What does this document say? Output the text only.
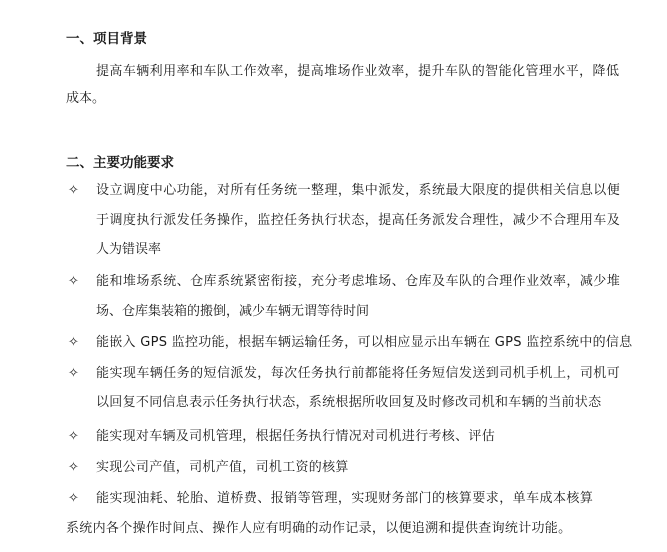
一、项目背景
提高车辆利用率和车队工作效率，提高堆场作业效率，提升车队的智能化管理水平，降低
成本。
二、主要功能要求
✧ 设立调度中心功能，对所有任务统一整理，集中派发，系统最大限度的提供相关信息以便
于调度执行派发任务操作，监控任务执行状态，提高任务派发合理性，减少不合理用车及
人为错误率
✧ 能和堆场系统、仓库系统紧密衔接，充分考虑堆场、仓库及车队的合理作业效率，减少堆
场、仓库集装箱的搬倒，减少车辆无谓等待时间
✧ 能嵌入 GPS 监控功能，根据车辆运输任务，可以相应显示出车辆在 GPS 监控系统中的信息
✧ 能实现车辆任务的短信派发，每次任务执行前都能将任务短信发送到司机手机上，司机可
以回复不同信息表示任务执行状态，系统根据所收回复及时修改司机和车辆的当前状态
✧ 能实现对车辆及司机管理，根据任务执行情况对司机进行考核、评估
✧ 实现公司产值，司机产值，司机工资的核算
✧ 能实现油耗、轮胎、道桥费、报销等管理，实现财务部门的核算要求，单车成本核算
系统内各个操作时间点、操作人应有明确的动作记录，以便追溯和提供查询统计功能。
